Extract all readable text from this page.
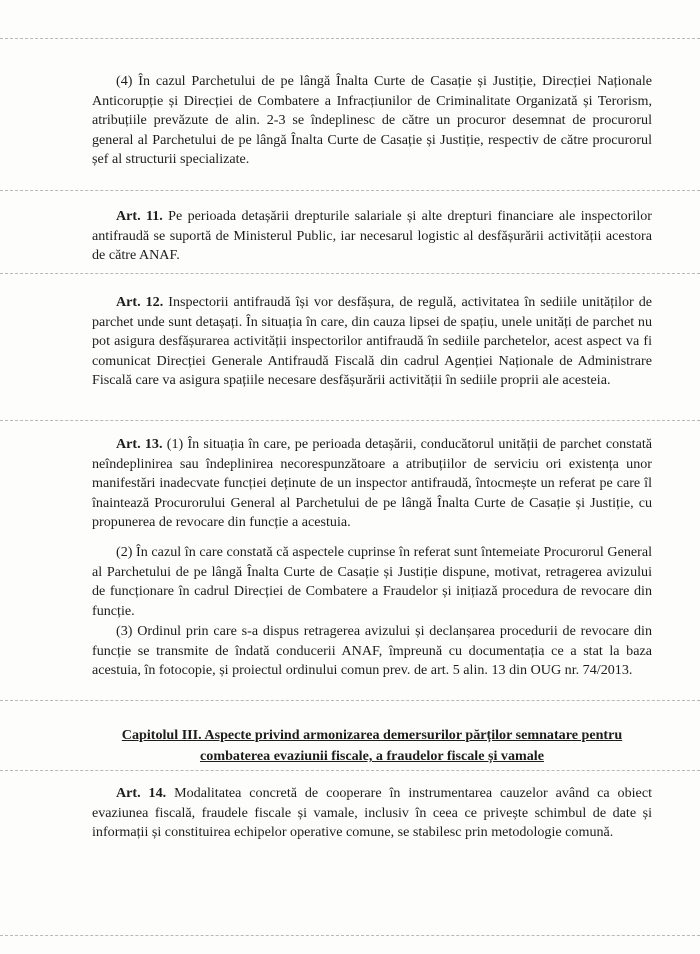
(4) În cazul Parchetului de pe lângă Înalta Curte de Casație și Justiție, Direcției Naționale Anticorupție și Direcției de Combatere a Infracțiunilor de Criminalitate Organizată și Terorism, atribuțiile prevăzute de alin. 2-3 se îndeplinesc de către un procuror desemnat de procurorul general al Parchetului de pe lângă Înalta Curte de Casație și Justiție, respectiv de către procurorul șef al structurii specializate.

Art. 11. Pe perioada detașării drepturile salariale și alte drepturi financiare ale inspectorilor antifraudă se suportă de Ministerul Public, iar necesarul logistic al desfășurării activității acestora de către ANAF.

Art. 12. Inspectorii antifraudă își vor desfășura, de regulă, activitatea în sediile unităților de parchet unde sunt detașați. În situația în care, din cauza lipsei de spațiu, unele unități de parchet nu pot asigura desfășurarea activității inspectorilor antifraudă în sediile parchetelor, acest aspect va fi comunicat Direcției Generale Antifraudă Fiscală din cadrul Agenției Naționale de Administrare Fiscală care va asigura spațiile necesare desfășurării activității în sediile proprii ale acesteia.

Art. 13. (1) În situația în care, pe perioada detașării, conducătorul unității de parchet constată neîndeplinirea sau îndeplinirea necorespunzătoare a atribuțiilor de serviciu ori existența unor manifestări inadecvate funcției deținute de un inspector antifraudă, întocmește un referat pe care îl înaintează Procurorului General al Parchetului de pe lângă Înalta Curte de Casație și Justiție, cu propunerea de revocare din funcție a acestuia.

(2) În cazul în care constată că aspectele cuprinse în referat sunt întemeiate Procurorul General al Parchetului de pe lângă Înalta Curte de Casație și Justiție dispune, motivat, retragerea avizului de funcționare în cadrul Direcției de Combatere a Fraudelor și inițiază procedura de revocare din funcție.

(3) Ordinul prin care s-a dispus retragerea avizului și declanșarea procedurii de revocare din funcție se transmite de îndată conducerii ANAF, împreună cu documentația ce a stat la baza acestuia, în fotocopie, și proiectul ordinului comun prev. de art. 5 alin. 13 din OUG nr. 74/2013.

Capitolul III. Aspecte privind armonizarea demersurilor părților semnatare pentru combaterea evaziunii fiscale, a fraudelor fiscale și vamale

Art. 14. Modalitatea concretă de cooperare în instrumentarea cauzelor având ca obiect evaziunea fiscală, fraudele fiscale și vamale, inclusiv în ceea ce privește schimbul de date și informații și constituirea echipelor operative comune, se stabilesc prin metodologie comună.
